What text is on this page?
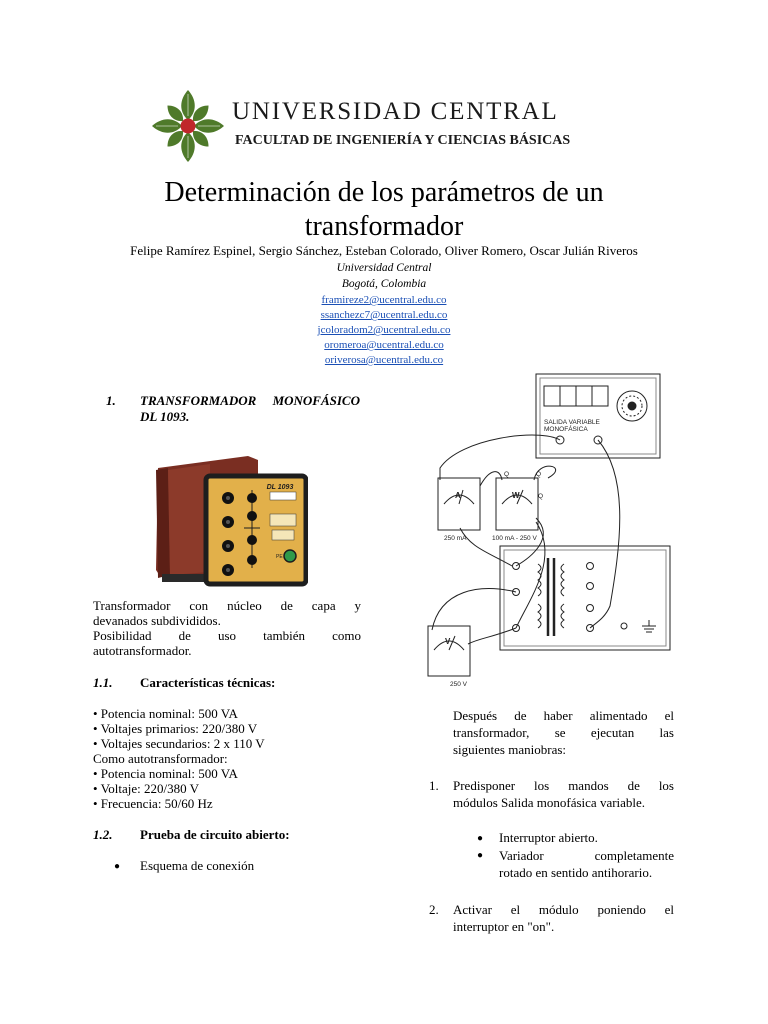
UNIVERSIDAD CENTRAL
FACULTAD DE INGENIERÍA Y CIENCIAS BÁSICAS
Determinación de los parámetros de un
transformador
Felipe Ramírez Espinel, Sergio Sánchez, Esteban Colorado, Oliver Romero, Oscar Julián Riveros
Universidad Central
Bogotá, Colombia
framireze2@ucentral.edu.co
ssanchezc7@ucentral.edu.co
jcoloradom2@ucentral.edu.co
oromeroa@ucentral.edu.co
oriverosa@ucentral.edu.co
1. TRANSFORMADOR MONOFÁSICO
DL 1093.
DL 1093
PE
Transformador con núcleo de capa y
devanados subdivididos.
Posibilidad de uso también como
autotransformador.
1.1. Características técnicas:
• Potencia nominal: 500 VA
• Voltajes primarios: 220/380 V
• Voltajes secundarios: 2 x 110 V
Como autotransformador:
• Potencia nominal: 500 VA
• Voltaje: 220/380 V
• Frecuencia: 50/60 Hz
1.2. Prueba de circuito abierto:
● Esquema de conexión
SALIDA VARIABLE
MONOFÁSICA
A	W
V
250 mA	100 mA - 250 V
250 V
Q	Q
Q
Después de haber alimentado el
transformador, se ejecutan las
siguientes maniobras:
1. Predisponer los mandos de los
módulos Salida monofásica variable.
● Interruptor abierto.
● Variador completamente
rotado en sentido antihorario.
2. Activar el módulo poniendo el
interruptor en "on".
